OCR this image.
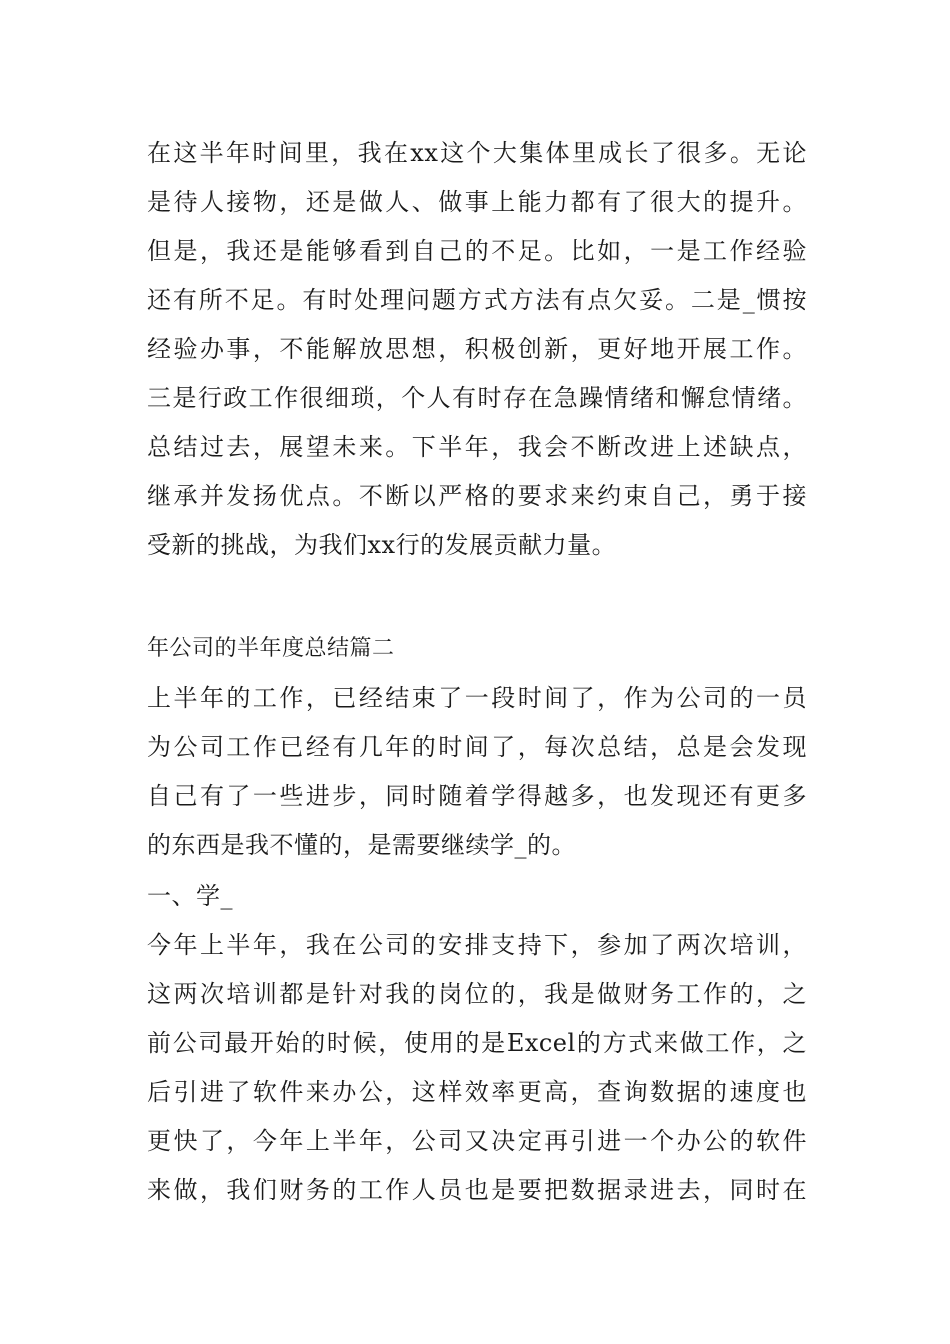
在这半年时间里，我在xx这个大集体里成长了很多。无论
是待人接物，还是做人、做事上能力都有了很大的提升。
但是，我还是能够看到自己的不足。比如，一是工作经验
还有所不足。有时处理问题方式方法有点欠妥。二是_惯按
经验办事，不能解放思想，积极创新，更好地开展工作。
三是行政工作很细琐，个人有时存在急躁情绪和懈怠情绪。
总结过去，展望未来。下半年，我会不断改进上述缺点，
继承并发扬优点。不断以严格的要求来约束自己，勇于接
受新的挑战，为我们xx行的发展贡献力量。
年公司的半年度总结篇二
上半年的工作，已经结束了一段时间了，作为公司的一员
为公司工作已经有几年的时间了，每次总结，总是会发现
自己有了一些进步，同时随着学得越多，也发现还有更多
的东西是我不懂的，是需要继续学_的。
一、学_
今年上半年，我在公司的安排支持下，参加了两次培训，
这两次培训都是针对我的岗位的，我是做财务工作的，之
前公司最开始的时候，使用的是Excel的方式来做工作，之
后引进了软件来办公，这样效率更高，查询数据的速度也
更快了，今年上半年，公司又决定再引进一个办公的软件
来做，我们财务的工作人员也是要把数据录进去，同时在
